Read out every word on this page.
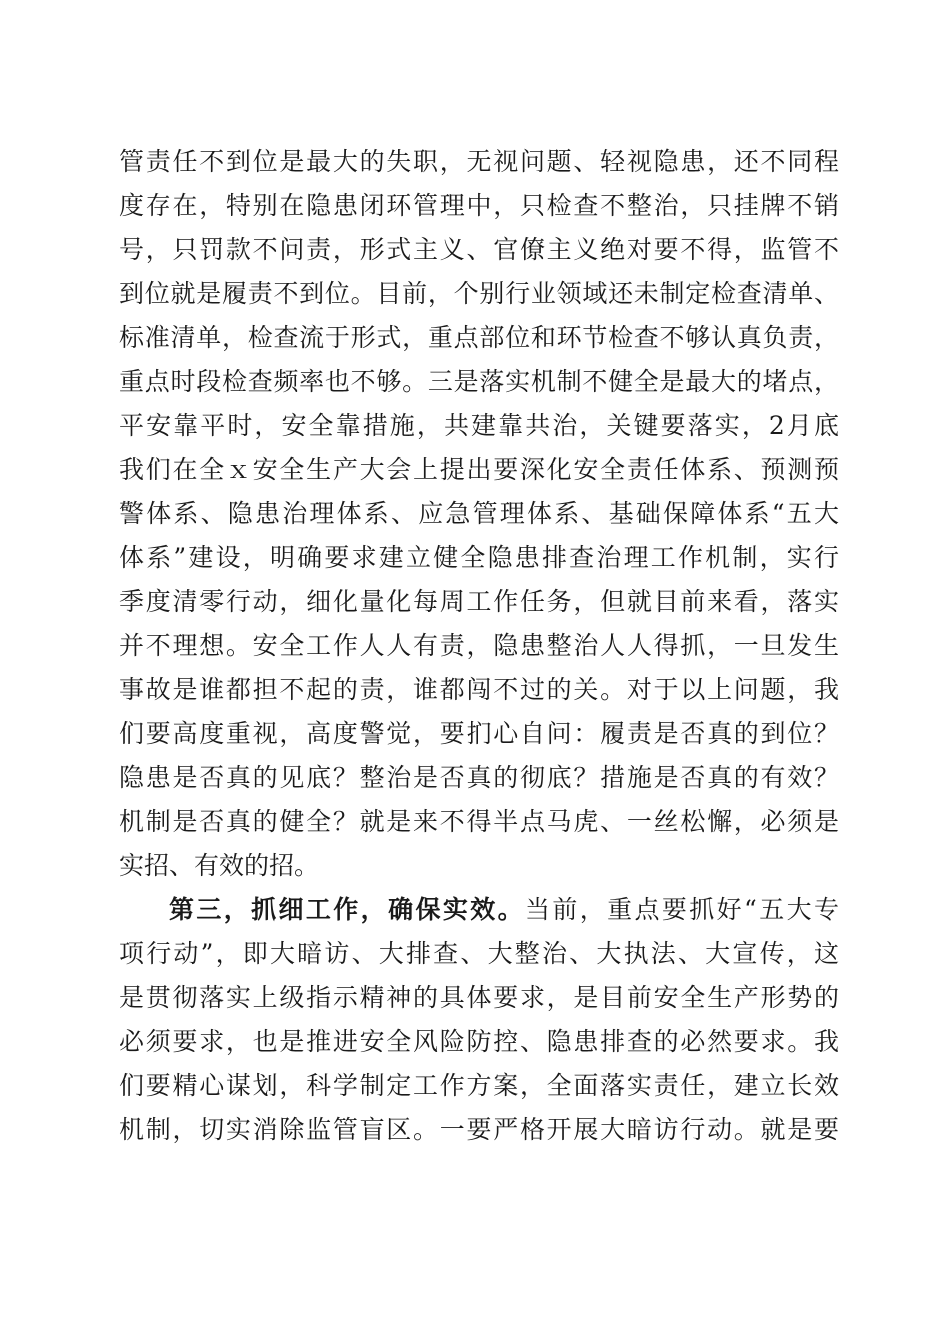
管责任不到位是最大的失职，无视问题、轻视隐患，还不同程
度存在，特别在隐患闭环管理中，只检查不整治，只挂牌不销
号，只罚款不问责，形式主义、官僚主义绝对要不得，监管不
到位就是履责不到位。目前，个别行业领域还未制定检查清单、
标准清单，检查流于形式，重点部位和环节检查不够认真负责，
重点时段检查频率也不够。三是落实机制不健全是最大的堵点，
平安靠平时，安全靠措施，共建靠共治，关键要落实，2月底
我们在全ｘ安全生产大会上提出要深化安全责任体系、预测预
警体系、隐患治理体系、应急管理体系、基础保障体系“五大
体系”建设，明确要求建立健全隐患排查治理工作机制，实行
季度清零行动，细化量化每周工作任务，但就目前来看，落实
并不理想。安全工作人人有责，隐患整治人人得抓，一旦发生
事故是谁都担不起的责，谁都闯不过的关。对于以上问题，我
们要高度重视，高度警觉，要扪心自问：履责是否真的到位？
隐患是否真的见底？整治是否真的彻底？措施是否真的有效？
机制是否真的健全？就是来不得半点马虎、一丝松懈，必须是
实招、有效的招。
第三，抓细工作，确保实效。当前，重点要抓好“五大专
项行动”，即大暗访、大排查、大整治、大执法、大宣传，这
是贯彻落实上级指示精神的具体要求，是目前安全生产形势的
必须要求，也是推进安全风险防控、隐患排查的必然要求。我
们要精心谋划，科学制定工作方案，全面落实责任，建立长效
机制，切实消除监管盲区。一要严格开展大暗访行动。就是要
